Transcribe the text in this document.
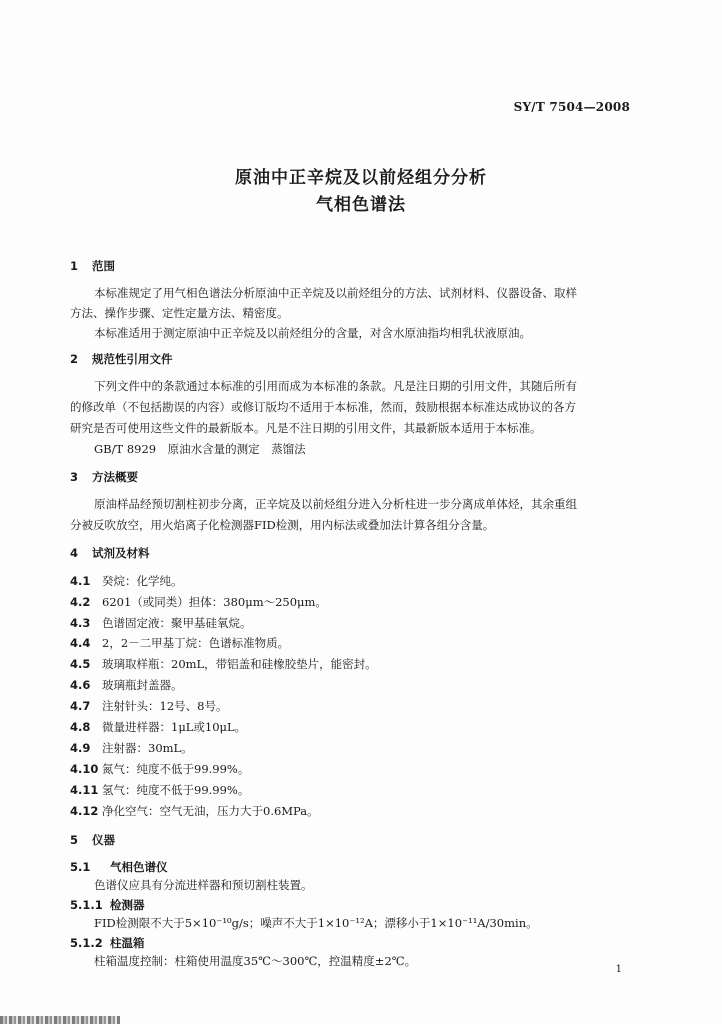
SY/T 7504—2008
原油中正辛烷及以前烃组分分析
气相色谱法
1 范围
本标准规定了用气相色谱法分析原油中正辛烷及以前烃组分的方法、试剂材料、仪器设备、取样
方法、操作步骤、定性定量方法、精密度。
本标准适用于测定原油中正辛烷及以前烃组分的含量，对含水原油指均相乳状液原油。
2 规范性引用文件
下列文件中的条款通过本标准的引用而成为本标准的条款。凡是注日期的引用文件，其随后所有
的修改单（不包括勘误的内容）或修订版均不适用于本标准，然而，鼓励根据本标准达成协议的各方
研究是否可使用这些文件的最新版本。凡是不注日期的引用文件，其最新版本适用于本标准。
GB/T 8929　原油水含量的测定　蒸馏法
3 方法概要
原油样品经预切割柱初步分离，正辛烷及以前烃组分进入分析柱进一步分离成单体烃，其余重组
分被反吹放空，用火焰离子化检测器FID检测，用内标法或叠加法计算各组分含量。
4 试剂及材料
4.1 癸烷：化学纯。
4.2 6201（或同类）担体：380μm～250μm。
4.3 色谱固定液：聚甲基硅氧烷。
4.4 2，2－二甲基丁烷：色谱标准物质。
4.5 玻璃取样瓶：20mL，带铝盖和硅橡胶垫片，能密封。
4.6 玻璃瓶封盖器。
4.7 注射针头：12号、8号。
4.8 微量进样器：1μL或10μL。
4.9 注射器：30mL。
4.10 氮气：纯度不低于99.99%。
4.11 氢气：纯度不低于99.99%。
4.12 净化空气：空气无油，压力大于0.6MPa。
5 仪器
5.1 气相色谱仪
色谱仪应具有分流进样器和预切割柱装置。
5.1.1 检测器
FID检测限不大于5×10⁻¹⁰g/s；噪声不大于1×10⁻¹²A；漂移小于1×10⁻¹¹A/30min。
5.1.2 柱温箱
柱箱温度控制：柱箱使用温度35℃～300℃，控温精度±2℃。
1
